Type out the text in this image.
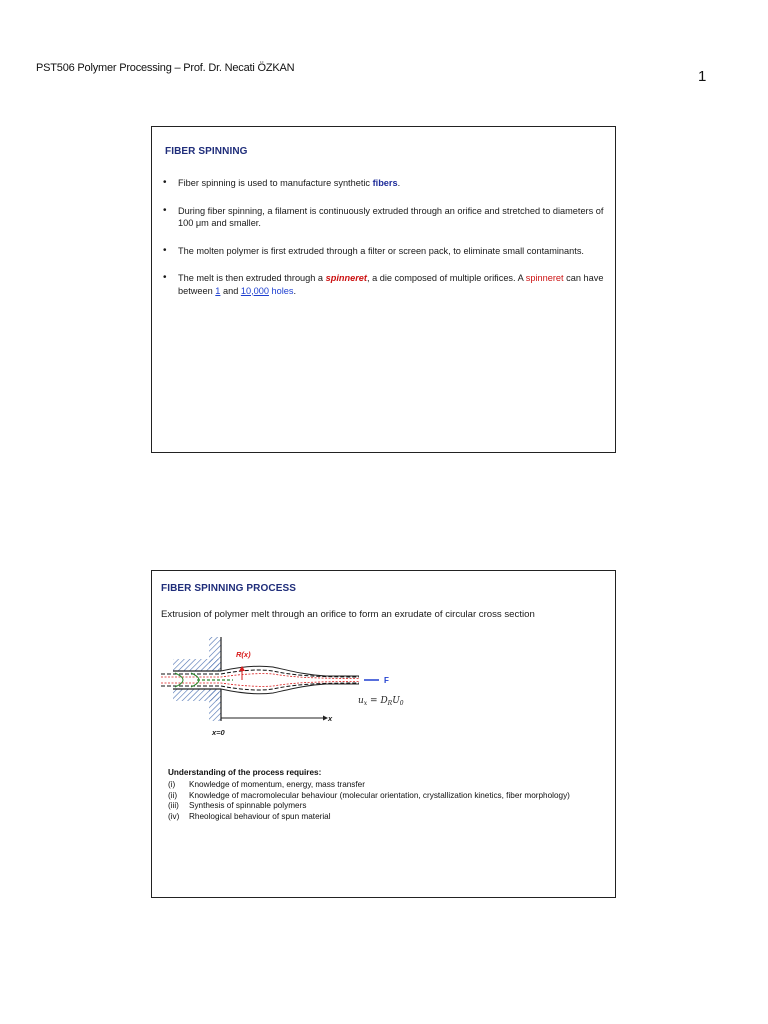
PST506 Polymer Processing – Prof. Dr. Necati ÖZKAN	1
FIBER SPINNING
• Fiber spinning is used to manufacture synthetic fibers.
• During fiber spinning, a filament is continuously extruded through an orifice and stretched to diameters of 100 μm and smaller.
• The molten polymer is first extruded through a filter or screen pack, to eliminate small contaminants.
• The melt is then extruded through a spinneret, a die composed of multiple orifices. A spinneret can have between 1 and 10,000 holes.
FIBER SPINNING PROCESS
Extrusion of polymer melt through an orifice to form an exrudate of circular cross section
R(x)
F
$u_x = D_RU_0$
x
x=0
Understanding of the process requires:
(i) Knowledge of momentum, energy, mass transfer
(ii) Knowledge of macromolecular behaviour (molecular orientation, crystallization kinetics, fiber morphology)
(iii) Synthesis of spinnable polymers
(iv) Rheological behaviour of spun material
